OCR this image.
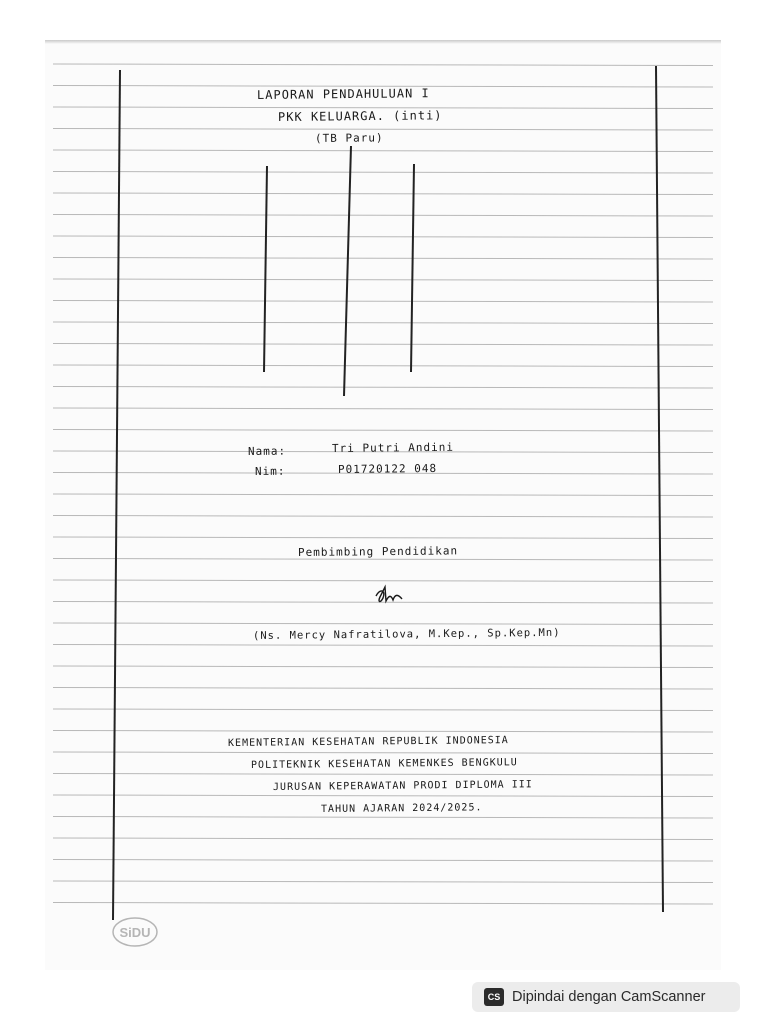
SiDU
LAPORAN PENDAHULUAN I
PKK KELUARGA. (inti)
(TB Paru)
Nama:	Tri Putri Andini
Nim:	P01720122 048
Pembimbing Pendidikan
(Ns. Mercy Nafratilova, M.Kep., Sp.Kep.Mn)
KEMENTERIAN KESEHATAN REPUBLIK INDONESIA
POLITEKNIK KESEHATAN KEMENKES BENGKULU
JURUSAN KEPERAWATAN PRODI DIPLOMA III
TAHUN AJARAN 2024/2025.
CS Dipindai dengan CamScanner
